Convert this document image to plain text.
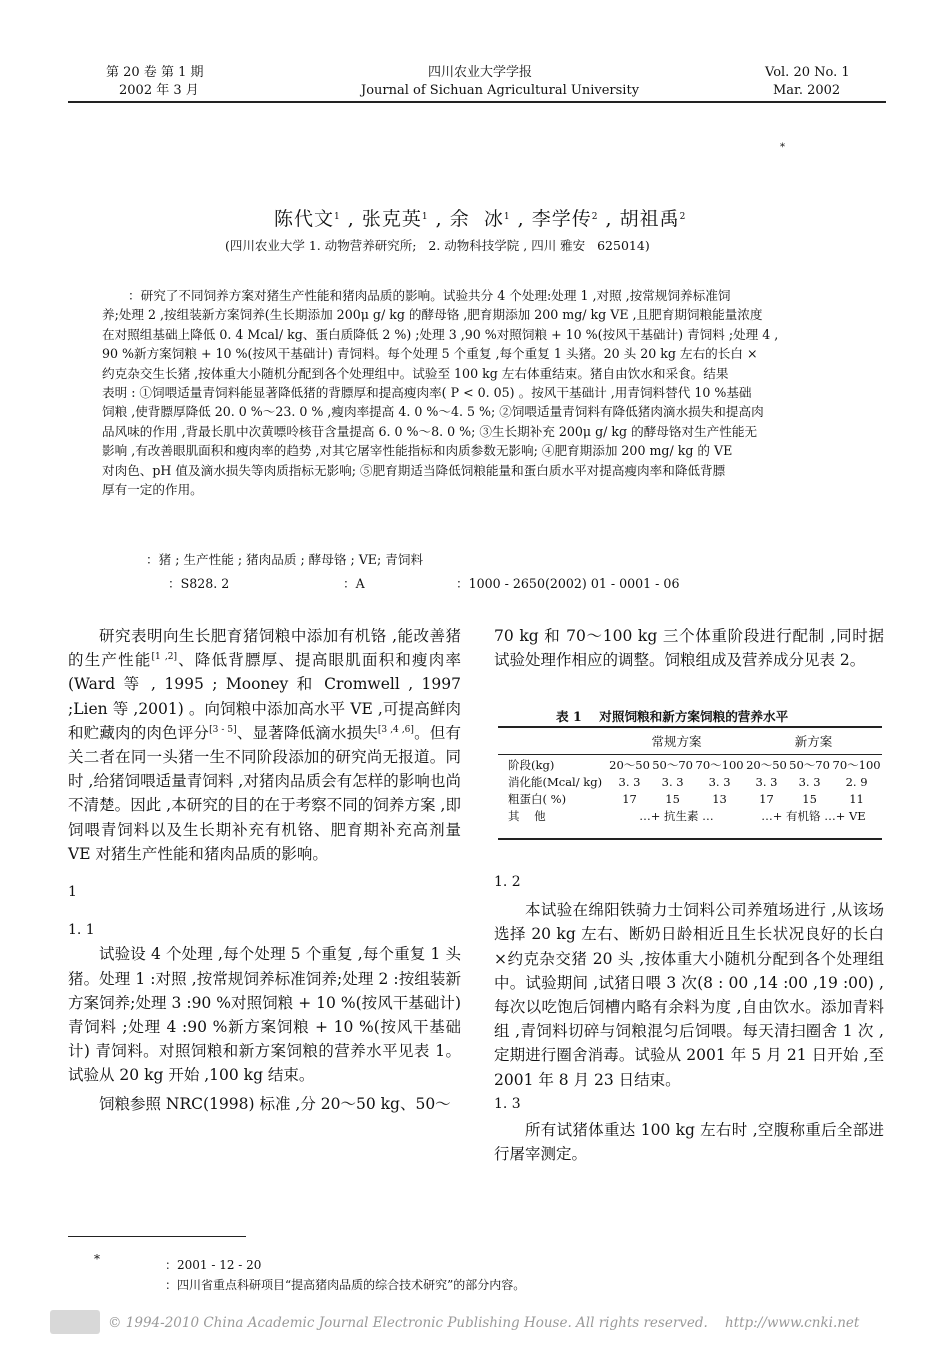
第 20 卷 第 1 期
2002 年 3 月
四川农业大学学报
Journal of Sichuan Agricultural University
Vol. 20 No. 1
Mar. 2002
*
陈代文$^1$ , 张克英$^1$ , 余  冰$^1$ , 李学传$^2$ , 胡祖禹$^2$
(四川农业大学 1. 动物营养研究所;   2. 动物科技学院 , 四川 雅安   625014)
：研究了不同饲养方案对猪生产性能和猪肉品质的影响。试验共分 4 个处理:处理 1 ,对照 ,按常规饲养标准饲
养;处理 2 ,按组装新方案饲养(生长期添加 200μ g/ kg 的酵母铬 ,肥育期添加 200 mg/ kg VE ,且肥育期饲粮能量浓度
在对照组基础上降低 0. 4 Mcal/ kg、蛋白质降低 2 %) ;处理 3 ,90 %对照饲粮 + 10 %(按风干基础计) 青饲料 ;处理 4 ,
90 %新方案饲粮 + 10 %(按风干基础计) 青饲料。每个处理 5 个重复 ,每个重复 1 头猪。20 头 20 kg 左右的长白 ×
约克杂交生长猪 ,按体重大小随机分配到各个处理组中。试验至 100 kg 左右体重结束。猪自由饮水和采食。结果
表明 : ①饲喂适量青饲料能显著降低猪的背膘厚和提高瘦肉率( P < 0. 05) 。按风干基础计 ,用青饲料替代 10 %基础
饲粮 ,使背膘厚降低 20. 0 %～23. 0 % ,瘦肉率提高 4. 0 %～4. 5 %; ②饲喂适量青饲料有降低猪肉滴水损失和提高肉
品风味的作用 ,背最长肌中次黄嘌呤核苷含量提高 6. 0 %～8. 0 %; ③生长期补充 200μ g/ kg 的酵母铬对生产性能无
影响 ,有改善眼肌面积和瘦肉率的趋势 ,对其它屠宰性能指标和肉质参数无影响; ④肥育期添加 200 mg/ kg 的 VE
对肉色、pH 值及滴水损失等肉质指标无影响; ⑤肥育期适当降低饲粮能量和蛋白质水平对提高瘦肉率和降低背膘
厚有一定的作用。
：猪 ; 生产性能 ; 猪肉品质 ; 酵母铬 ; VE; 青饲料
：S828. 2	：A	：1000 - 2650(2002) 01 - 0001 - 06

研究表明向生长肥育猪饲粮中添加有机铬 ,能改善猪的生产性能[1 ,2]、降低背膘厚、提高眼肌面积和瘦肉率(Ward 等 , 1995 ; Mooney 和 Cromwell , 1997 ;Lien 等 ,2001) 。向饲粮中添加高水平 VE ,可提高鲜肉和贮藏肉的肉色评分[3 - 5]、显著降低滴水损失[3 ,4 ,6]。但有关二者在同一头猪一生不同阶段添加的研究尚无报道。同时 ,给猪饲喂适量青饲料 ,对猪肉品质会有怎样的影响也尚不清楚。因此 ,本研究的目的在于考察不同的饲养方案 ,即饲喂青饲料以及生长期补充有机铬、肥育期补充高剂量 VE 对猪生产性能和猪肉品质的影响。

1

1. 1

试验设 4 个处理 ,每个处理 5 个重复 ,每个重复 1 头猪。处理 1 :对照 ,按常规饲养标准饲养;处理 2 :按组装新方案饲养;处理 3 :90 %对照饲粮 + 10 %(按风干基础计) 青饲料 ;处理 4 :90 %新方案饲粮 + 10 %(按风干基础计) 青饲料。对照饲粮和新方案饲粮的营养水平见表 1。试验从 20 kg 开始 ,100 kg 结束。

饲粮参照 NRC(1998) 标准 ,分 20～50 kg、50～

70 kg 和 70～100 kg 三个体重阶段进行配制 ,同时据试验处理作相应的调整。饲粮组成及营养成分见表 2。

表 1    对照饲粮和新方案饲粮的营养水平
	常规方案			新方案		
阶段(kg)	20～50	50～70	70～100	20～50	50～70	70～100
消化能(Mcal/ kg)	3. 3	3. 3	3. 3	3. 3	3. 3	2. 9
粗蛋白( %)	17	15	13	17	15	11
其    他	…+ 抗生素 …			…+ 有机铬 …+ VE		

1. 2

本试验在绵阳铁骑力士饲料公司养殖场进行 ,从该场选择 20 kg 左右、断奶日龄相近且生长状况良好的长白 ×约克杂交猪 20 头 ,按体重大小随机分配到各个处理组中。试验期间 ,试猪日喂 3 次(8 : 00 ,14 :00 ,19 :00) ,每次以吃饱后饲槽内略有余料为度 ,自由饮水。添加青料组 ,青饲料切碎与饲粮混匀后饲喂。每天清扫圈舍 1 次 ,定期进行圈舍消毒。试验从 2001 年 5 月 21 日开始 ,至 2001 年 8 月 23 日结束。

1. 3

所有试猪体重达 100 kg 左右时 ,空腹称重后全部进行屠宰测定。

*	：2001 - 12 - 20
：四川省重点科研项目“提高猪肉品质的综合技术研究”的部分内容。
© 1994-2010 China Academic Journal Electronic Publishing House. All rights reserved.    http://www.cnki.net
